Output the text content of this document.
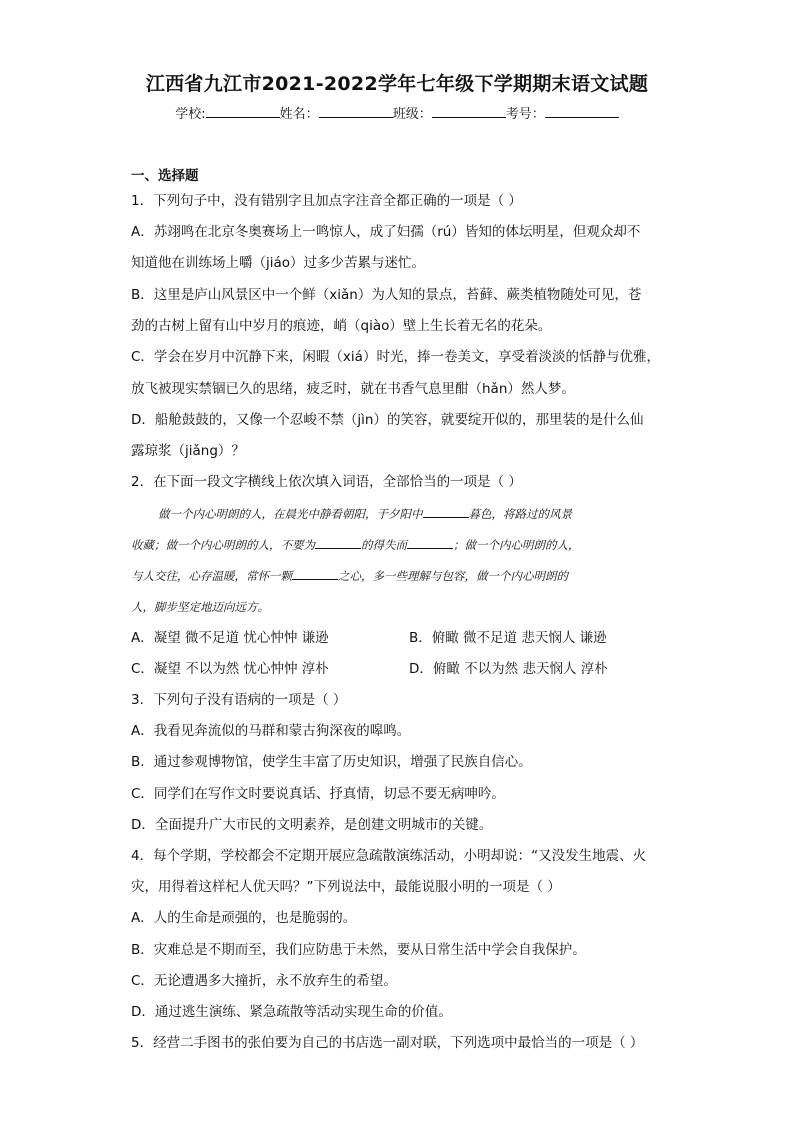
江西省九江市2021-2022学年七年级下学期期末语文试题
学校:	姓名：	班级：	考号：
一、选择题
1．下列句子中，没有错别字且加点字注音全都正确的一项是（ ）
A．苏翊鸣在北京冬奥赛场上一鸣惊人，成了妇孺（rú）皆知的体坛明星，但观众却不
知道他在训练场上嚼（jiáo）过多少苦累与迷忙。
B．这里是庐山风景区中一个鲜（xiǎn）为人知的景点，苔藓、蕨类植物随处可见，苍
劲的古树上留有山中岁月的痕迹，峭（qiào）壁上生长着无名的花朵。
C．学会在岁月中沉静下来，闲暇（xiá）时光，捧一卷美文，享受着淡淡的恬静与优雅，
放飞被现实禁锢已久的思绪，疲乏时，就在书香气息里酣（hǎn）然人梦。
D．船舱鼓鼓的，又像一个忍峻不禁（jìn）的笑容，就要绽开似的，那里装的是什么仙
露琼浆（jiǎng）？
2．在下面一段文字横线上依次填入词语，全部恰当的一项是（ ）
做一个内心明朗的人，在晨光中静看朝阳，于夕阳中	暮色，将路过的风景
收藏；做一个内心明朗的人，不要为	的得失而	；做一个内心明朗的人，
与人交往，心存温暖，常怀一颗	之心，多一些理解与包容，做一个内心明朗的
人，脚步坚定地迈向远方。
A．凝望 微不足道 忧心忡忡 谦逊	B．俯瞰 微不足道 悲天悯人 谦逊
C．凝望 不以为然 忧心忡忡 淳朴	D．俯瞰 不以为然 悲天悯人 淳朴
3．下列句子没有语病的一项是（ ）
A．我看见奔流似的马群和蒙古狗深夜的嗥鸣。
B．通过参观博物馆，使学生丰富了历史知识，增强了民族自信心。
C．同学们在写作文时要说真话、抒真情，切忌不要无病呻吟。
D．全面提升广大市民的文明素养，是创建文明城市的关键。
4．每个学期，学校都会不定期开展应急疏散演练活动，小明却说：“又没发生地震、火
灾，用得着这样杞人优天吗？”下列说法中，最能说服小明的一项是（ ）
A．人的生命是顽强的，也是脆弱的。
B．灾难总是不期而至，我们应防患于未然，要从日常生活中学会自我保护。
C．无论遭遇多大撞折，永不放弃生的希望。
D．通过逃生演练、紧急疏散等活动实现生命的价值。
5．经营二手图书的张伯要为自己的书店选一副对联，下列选项中最恰当的一项是（ ）
